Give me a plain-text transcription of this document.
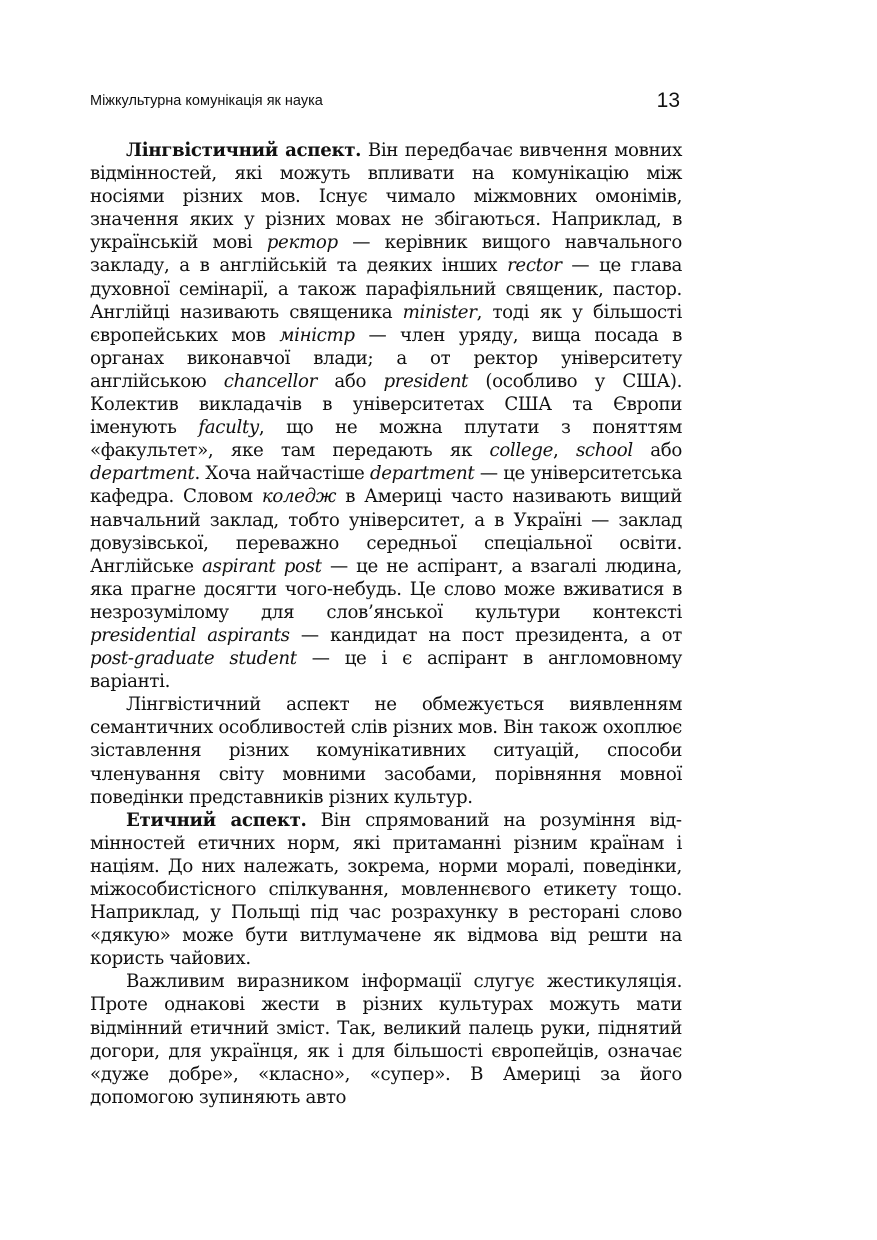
Міжкультурна комунікація як наука	13

Лінгвістичний аспект. Він передбачає вивчення мовних відмінностей, які можуть впливати на комунікацію між носіями різних мов. Існує чимало міжмовних омонімів, значення яких у різних мовах не збігаються. Наприклад, в українській мові ректор — керівник вищого навчального закладу, а в англійській та деяких інших rector — це глава духовної семінарії, а також парафіяльний священик, пастор. Англійці називають священика minister, тоді як у більшості європейських мов міністр — член уряду, вища посада в органах виконавчої влади; а от ректор університету англійською chancellor або president (особливо у США). Колектив викладачів в університетах США та Європи іменують faculty, що не можна плутати з поняттям «факультет», яке там передають як college, school або department. Хоча найчастіше department — це університетська кафедра. Словом коледж в Америці часто називають вищий навчальний заклад, тобто університет, а в Україні — заклад довузівської, переважно середньої спеціальної освіти. Англійське aspirant post — це не аспірант, а взагалі людина, яка прагне досягти чого-небудь. Це слово може вживатися в незрозумілому для слов’янської культури контексті presidential aspirants — кандидат на пост президента, а от post-graduate student — це і є аспірант в англомовному варіанті.

Лінгвістичний аспект не обмежується виявленням семантичних особливостей слів різних мов. Він також охоплює зіставлення різних комунікативних ситуацій, способи членування світу мовними засобами, порівняння мовної поведінки представників різних культур.

Етичний аспект. Він спрямований на розуміння відмінностей етичних норм, які притаманні різним країнам і націям. До них належать, зокрема, норми моралі, поведінки, міжособистісного спілкування, мовленнєвого етикету тощо. Наприклад, у Польщі під час розрахунку в ресторані слово «дякую» може бути витлумачене як відмова від решти на користь чайових.

Важливим виразником інформації слугує жестикуляція. Проте однакові жести в різних культурах можуть мати відмінний етичний зміст. Так, великий палець руки, піднятий догори, для українця, як і для більшості європейців, означає «дуже добре», «класно», «супер». В Америці за його допомогою зупиняють авто
